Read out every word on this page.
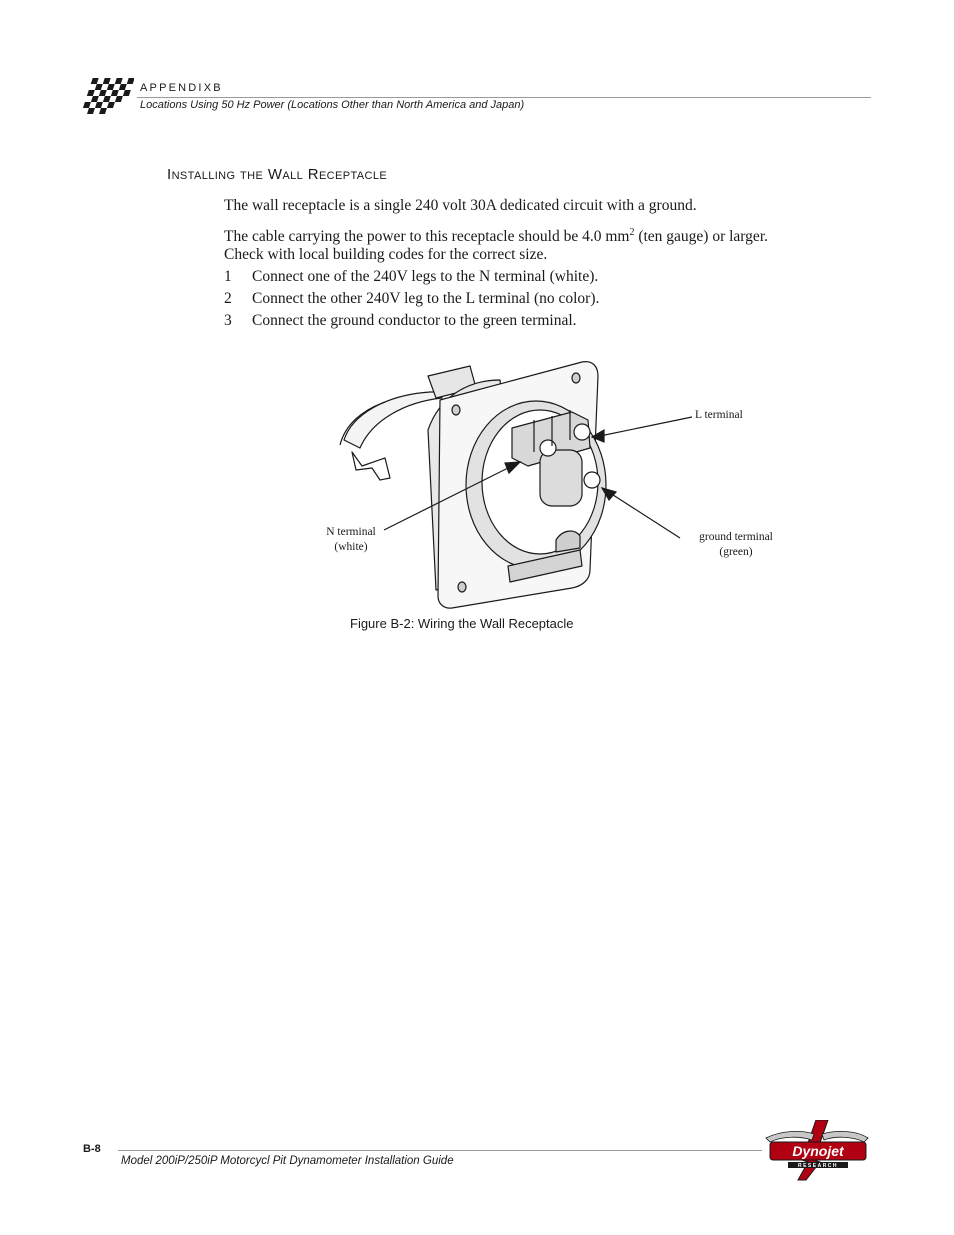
APPENDIXB
Locations Using 50 Hz Power (Locations Other than North America and Japan)
Installing the Wall Receptacle
The wall receptacle is a single 240 volt 30A dedicated circuit with a ground.
The cable carrying the power to this receptacle should be 4.0 $mm^2$ (ten gauge) or larger. Check with local building codes for the correct size.
1 Connect one of the 240V legs to the N terminal (white).
2 Connect the other 240V leg to the L terminal (no color).
3 Connect the ground conductor to the green terminal.
L terminal
N terminal
(white)
ground terminal
(green)
Figure B-2: Wiring the Wall Receptacle
B-8
Model 200iP/250iP Motorcycl Pit Dynamometer Installation Guide
Dynojet
RESEARCH
